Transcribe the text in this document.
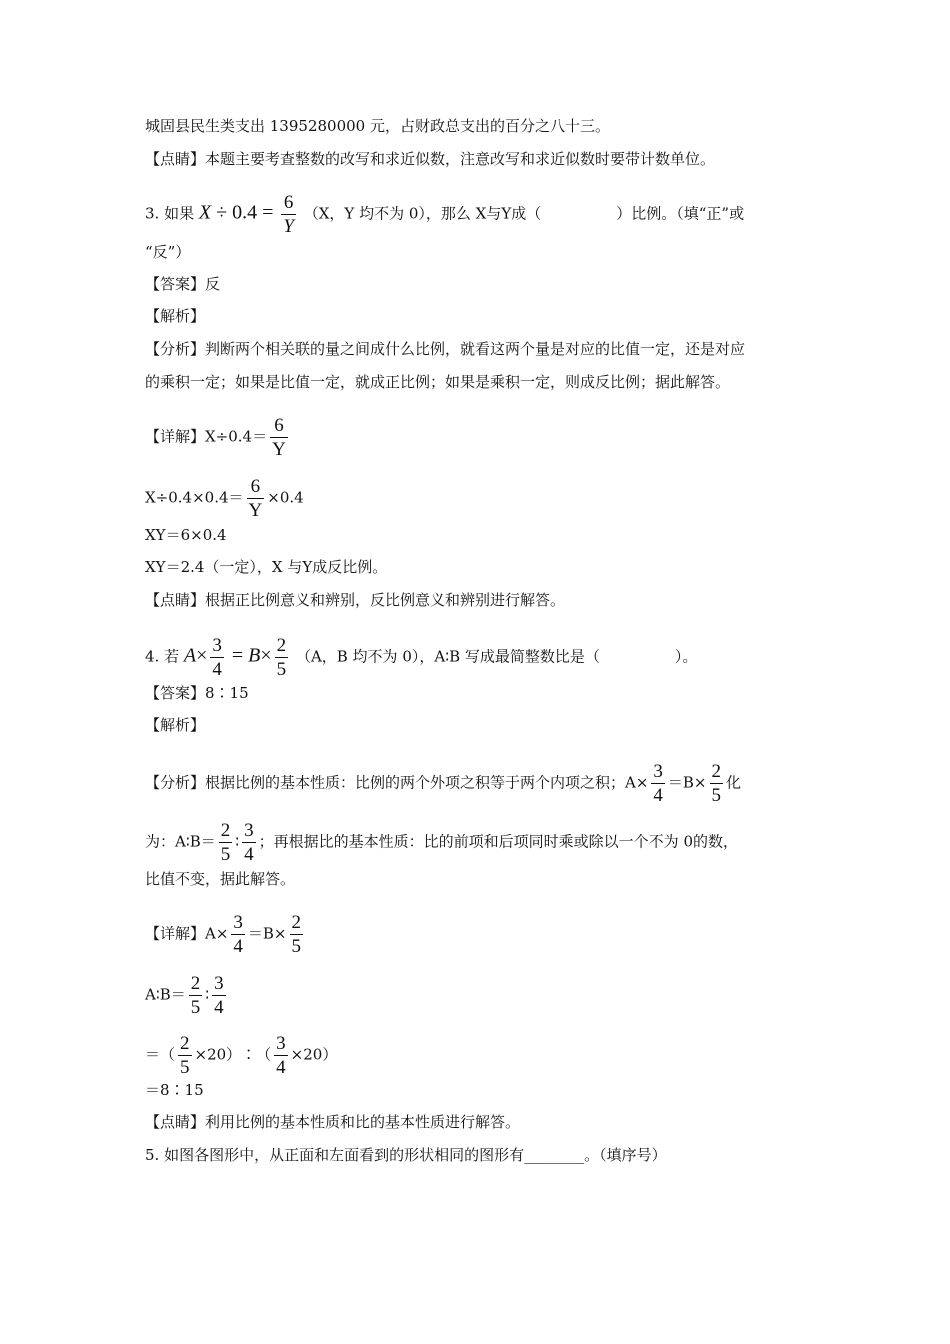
城固县民生类支出 1395280000 元，占财政总支出的百分之八十三。
【点睛】本题主要考查整数的改写和求近似数，注意改写和求近似数时要带计数单位。
3. 如果 $X \div 0.4 = \frac{6}{Y} (X$，Y 均不为 0），那么 X与Y成（　　　　　）比例。（填“正”或
“反”）
【答案】反
【解析】
【分析】判断两个相关联的量之间成什么比例，就看这两个量是对应的比值一定，还是对应
的乘积一定；如果是比值一定，就成正比例；如果是乘积一定，则成反比例；据此解答。
【详解】$X\div 0.4= \frac{6}{Y}$
$X\div 0.4\times 0.4= \frac{6}{Y} \times 0.4$
XY＝6×0.4
XY＝2.4（一定），X 与Y成反比例。
【点睛】根据正比例意义和辨别，反比例意义和辨别进行解答。
4. 若 $A\times \frac{3}{4} = B\times \frac{2}{5} (A$，B 均不为 0），A∶B 写成最简整数比是（　　　　　）。
【答案】8∶15
【解析】
【分析】根据比例的基本性质：比例的两个外项之积等于两个内项之积；$A\times \frac{3}{4} =B\times \frac{2}{5}$ 化
为：A∶B＝ $\frac{2}{5}$ ∶ $\frac{3}{4}$ ；再根据比的基本性质：比的前项和后项同时乘或除以一个不为 0的数，
比值不变，据此解答。
【详解】$A\times \frac{3}{4} =B\times \frac{2}{5}$
A∶B＝ $\frac{2}{5}$ ∶ $\frac{3}{4}$
＝（ $\frac{2}{5}$ ×20）∶（ $\frac{3}{4} \times 20$）
＝8∶15
【点睛】利用比例的基本性质和比的基本性质进行解答。
5. 如图各图形中，从正面和左面看到的形状相同的图形有________。（填序号）
